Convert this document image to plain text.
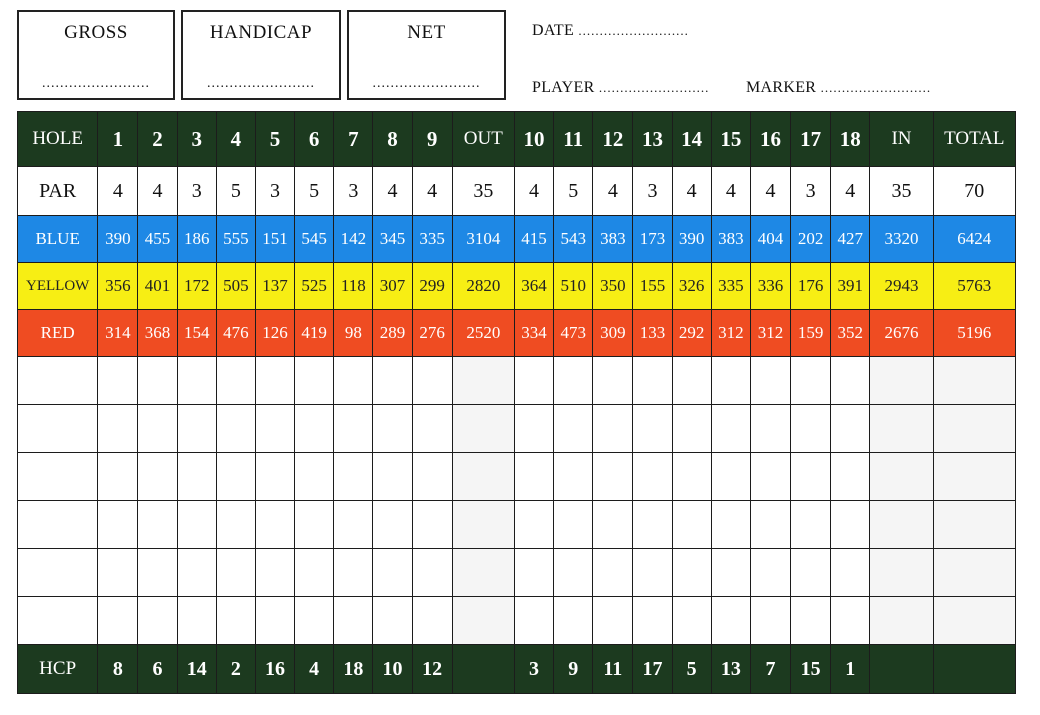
GROSS
........................
HANDICAP
........................
NET
........................
DATE ..........................
PLAYER .......................... MARKER ..........................
HOLE	1	2	3	4	5	6	7	8	9	OUT	10	11	12	13	14	15	16	17	18	IN	TOTAL
PAR	4	4	3	5	3	5	3	4	4	35	4	5	4	3	4	4	4	3	4	35	70
BLUE	390	455	186	555	151	545	142	345	335	3104	415	543	383	173	390	383	404	202	427	3320	6424
YELLOW	356	401	172	505	137	525	118	307	299	2820	364	510	350	155	326	335	336	176	391	2943	5763
RED	314	368	154	476	126	419	98	289	276	2520	334	473	309	133	292	312	312	159	352	2676	5196

HCP	8	6	14	2	16	4	18	10	12		3	9	11	17	5	13	7	15	1		
